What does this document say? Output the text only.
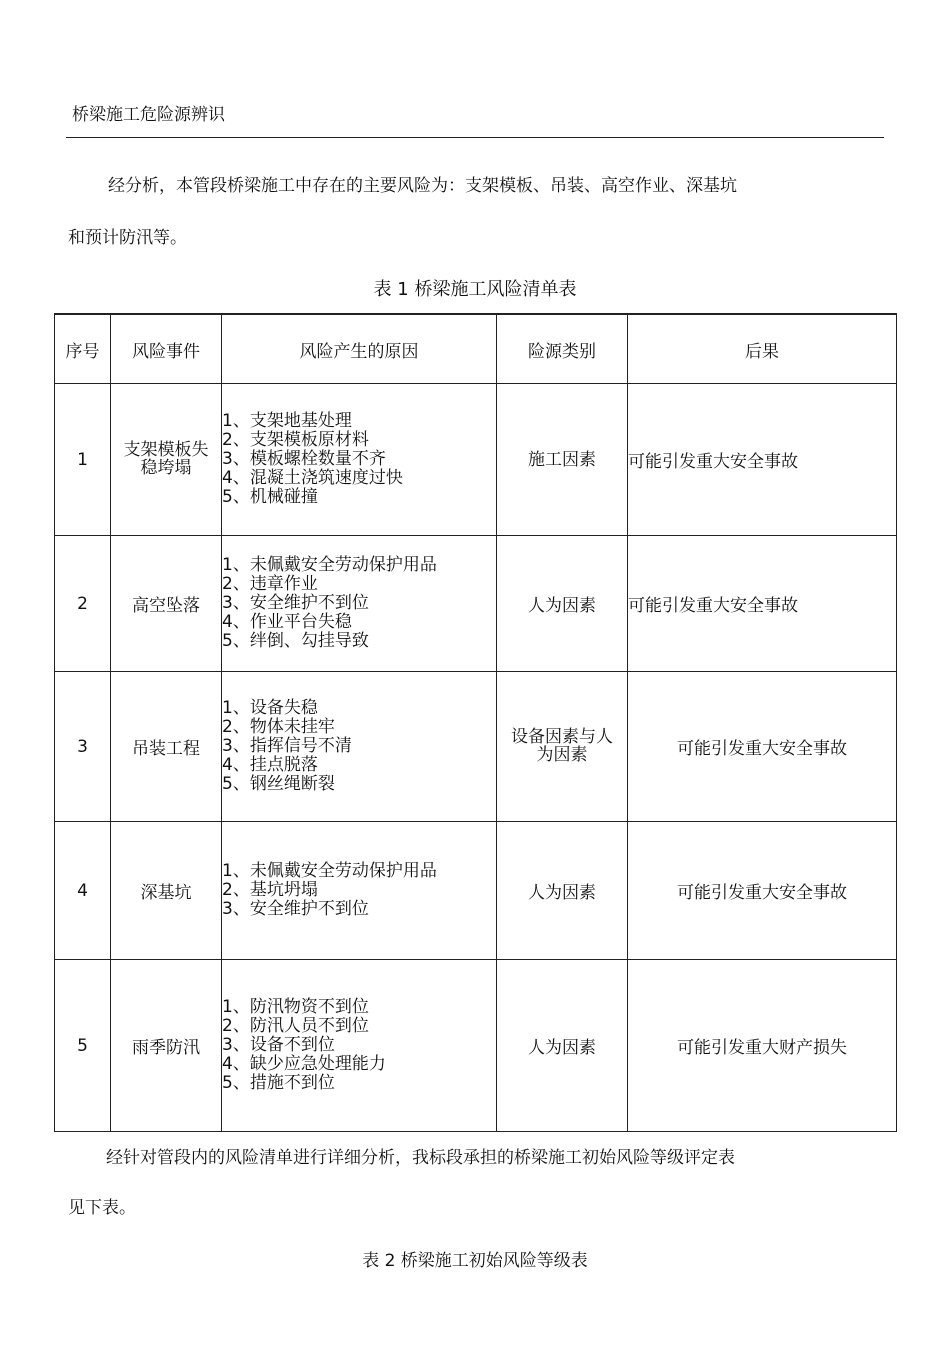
桥梁施工危险源辨识
经分析，本管段桥梁施工中存在的主要风险为：支架模板、吊装、高空作业、深基坑
和预计防汛等。
表 1 桥梁施工风险清单表
序号	风险事件	风险产生的原因	险源类别	后果
1	支架模板失
稳垮塌	1、支架地基处理
2、支架模板原材料
3、模板螺栓数量不齐
4、混凝土浇筑速度过快
5、机械碰撞	施工因素	可能引发重大安全事故
2	高空坠落	1、未佩戴安全劳动保护用品
2、违章作业
3、安全维护不到位
4、作业平台失稳
5、绊倒、勾挂导致	人为因素	可能引发重大安全事故
3	吊装工程	1、设备失稳
2、物体未挂牢
3、指挥信号不清
4、挂点脱落
5、钢丝绳断裂	设备因素与人
为因素	可能引发重大安全事故
4	深基坑	1、未佩戴安全劳动保护用品
2、基坑坍塌
3、安全维护不到位	人为因素	可能引发重大安全事故
5	雨季防汛	1、防汛物资不到位
2、防汛人员不到位
3、设备不到位
4、缺少应急处理能力
5、措施不到位	人为因素	可能引发重大财产损失
经针对管段内的风险清单进行详细分析，我标段承担的桥梁施工初始风险等级评定表
见下表。
表 2 桥梁施工初始风险等级表
